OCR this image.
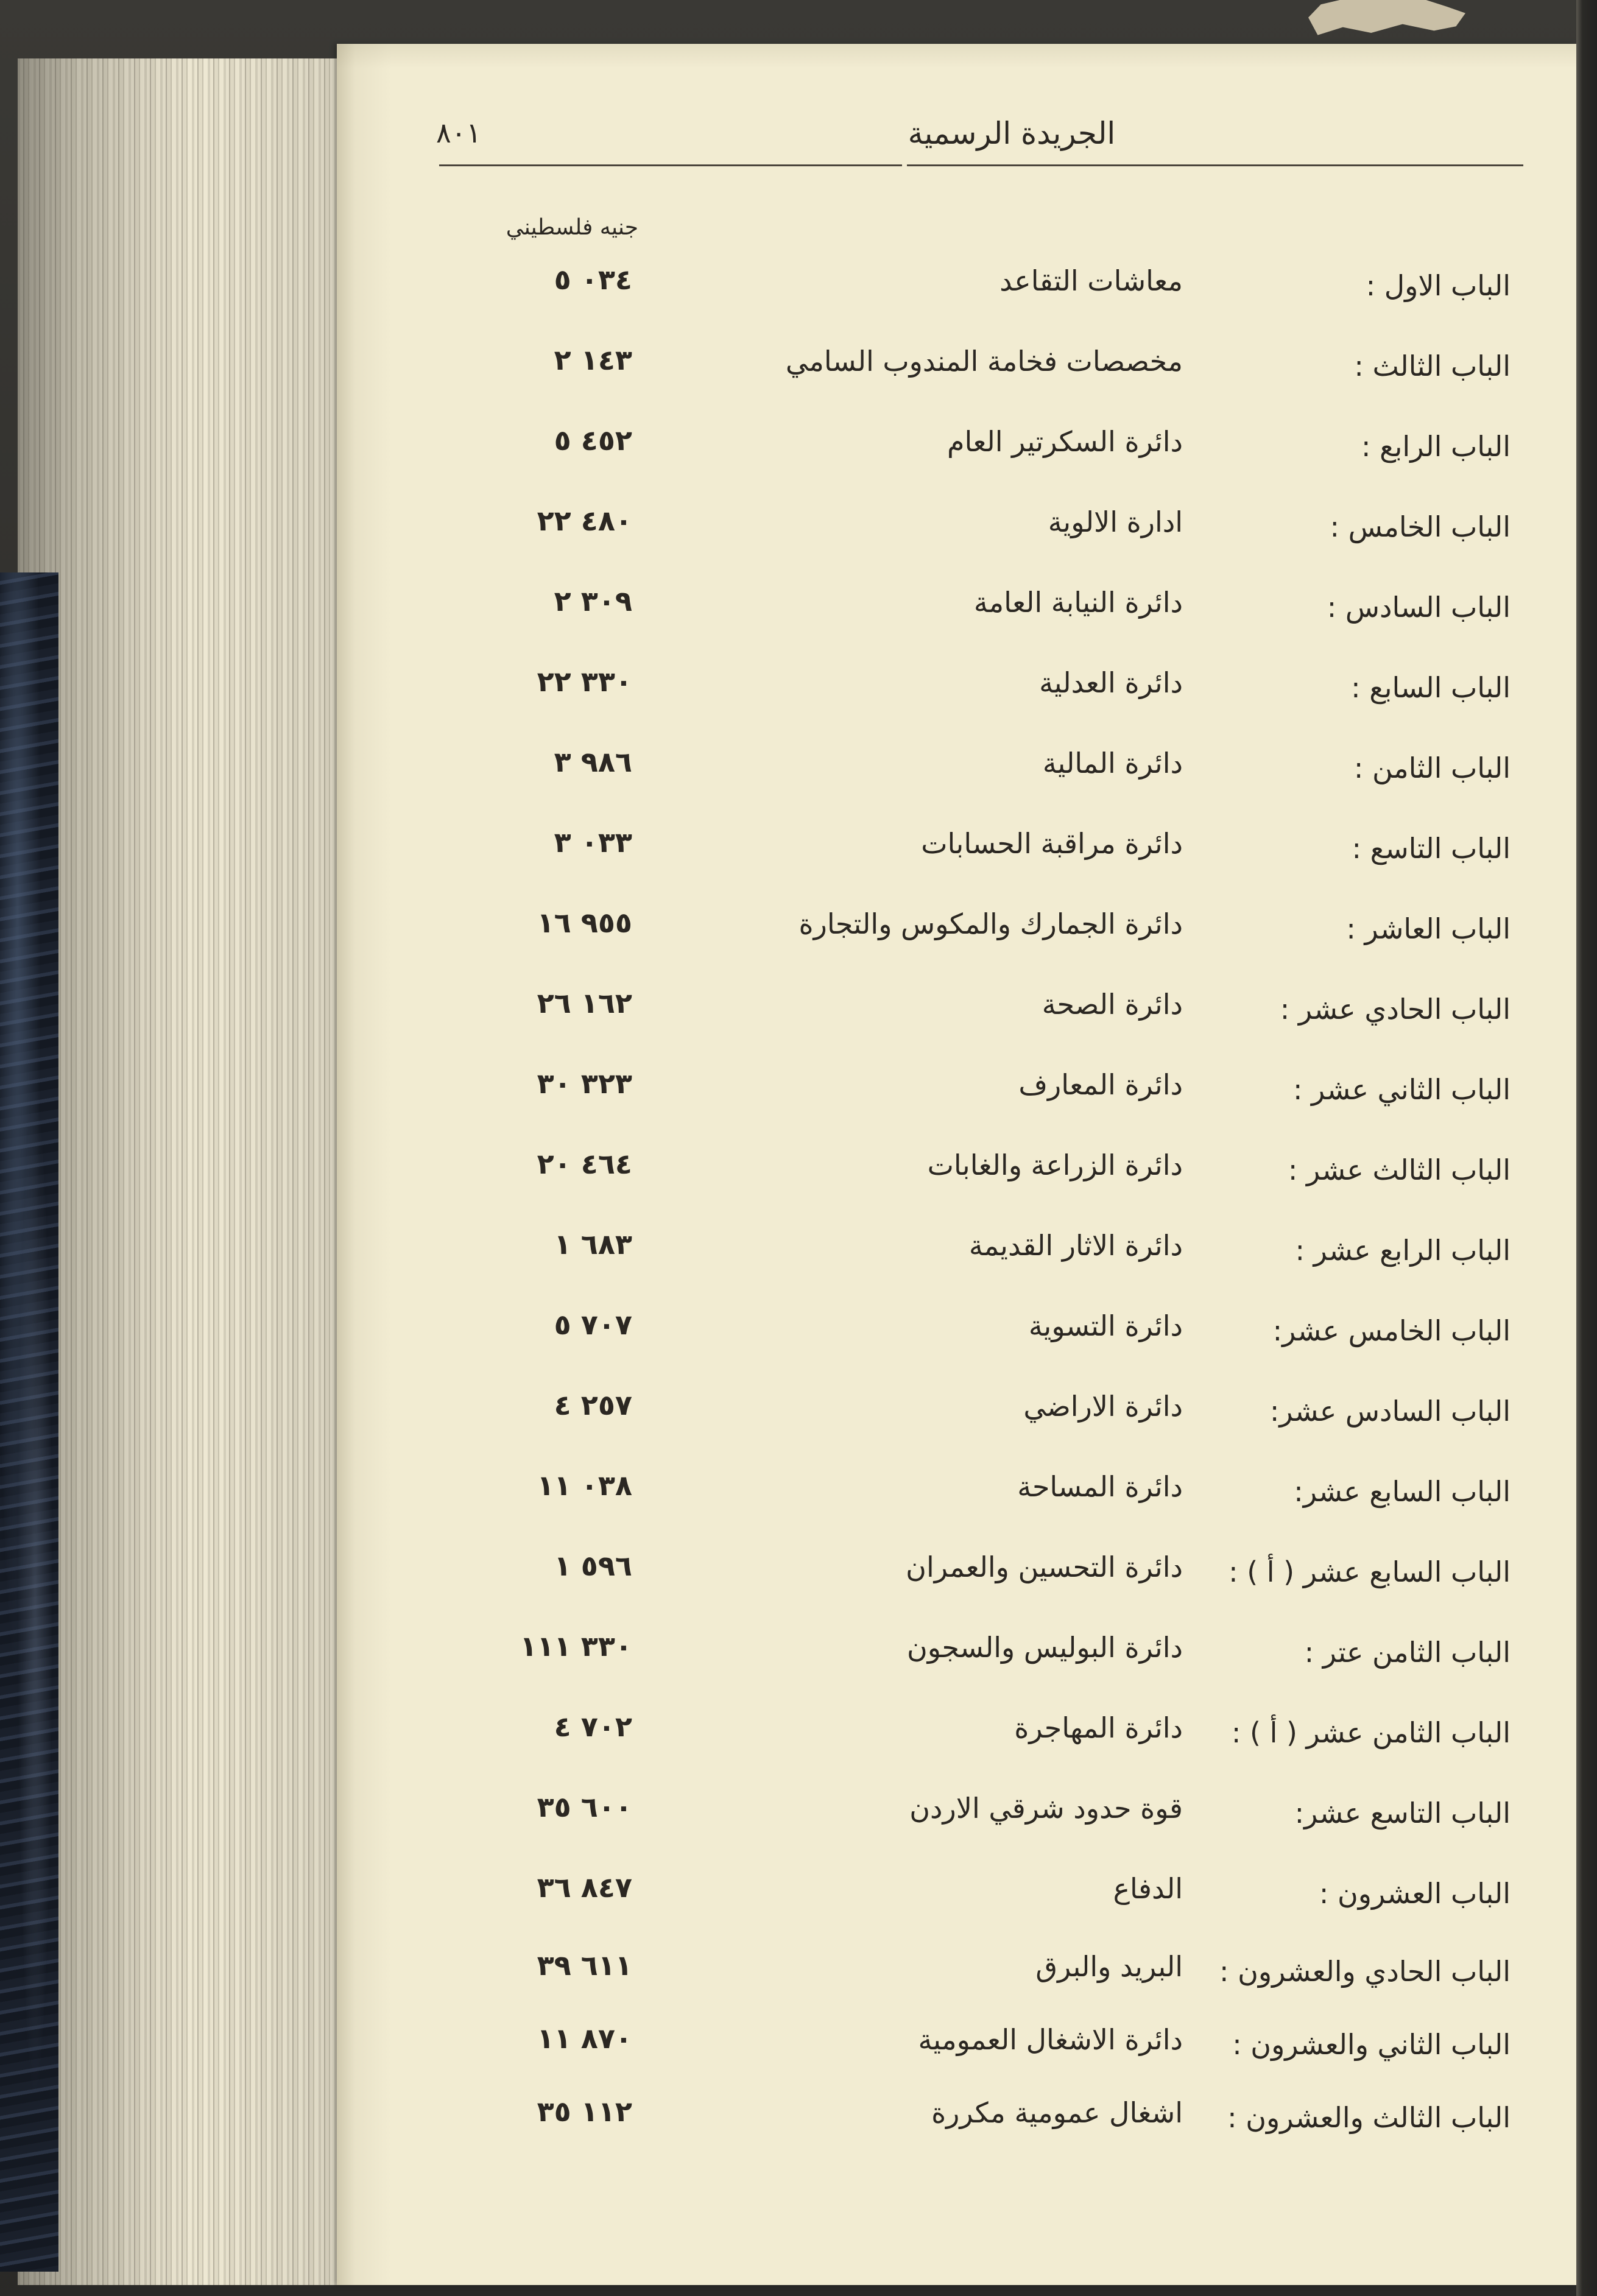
٨٠١	الجريدة الرسمية
جنيه فلسطيني
الباب الاول :
معاشات التقاعد
٥ ٠٣٤
الباب الثالث :
مخصصات فخامة المندوب السامي
٢ ١٤٣
الباب الرابع :
دائرة السكرتير العام
٥ ٤٥٢
الباب الخامس :
ادارة الالوية
٢٢ ٤٨٠
الباب السادس :
دائرة النيابة العامة
٢ ٣٠٩
الباب السابع :
دائرة العدلية
٢٢ ٣٣٠
الباب الثامن :
دائرة المالية
٣ ٩٨٦
الباب التاسع :
دائرة مراقبة الحسابات
٣ ٠٣٣
الباب العاشر :
دائرة الجمارك والمكوس والتجارة
١٦ ٩٥٥
الباب الحادي عشر :
دائرة الصحة
٢٦ ١٦٢
الباب الثاني عشر :
دائرة المعارف
٣٠ ٣٢٣
الباب الثالث عشر :
دائرة الزراعة والغابات
٢٠ ٤٦٤
الباب الرابع عشر :
دائرة الاثار القديمة
١ ٦٨٣
الباب الخامس عشر:
دائرة التسوية
٥ ٧٠٧
الباب السادس عشر:
دائرة الاراضي
٤ ٢٥٧
الباب السابع عشر:
دائرة المساحة
١١ ٠٣٨
الباب السابع عشر ( أ ) :
دائرة التحسين والعمران
١ ٥٩٦
الباب الثامن عتر :
دائرة البوليس والسجون
١١١ ٣٣٠
الباب الثامن عشر ( أ ) :
دائرة المهاجرة
٤ ٧٠٢
الباب التاسع عشر:
قوة حدود شرقي الاردن
٣٥ ٦٠٠
الباب العشرون :
الدفاع
٣٦ ٨٤٧
الباب الحادي والعشرون :
البريد والبرق
٣٩ ٦١١
الباب الثاني والعشرون :
دائرة الاشغال العمومية
١١ ٨٧٠
الباب الثالث والعشرون :
اشغال عمومية مكررة
٣٥ ١١٢
